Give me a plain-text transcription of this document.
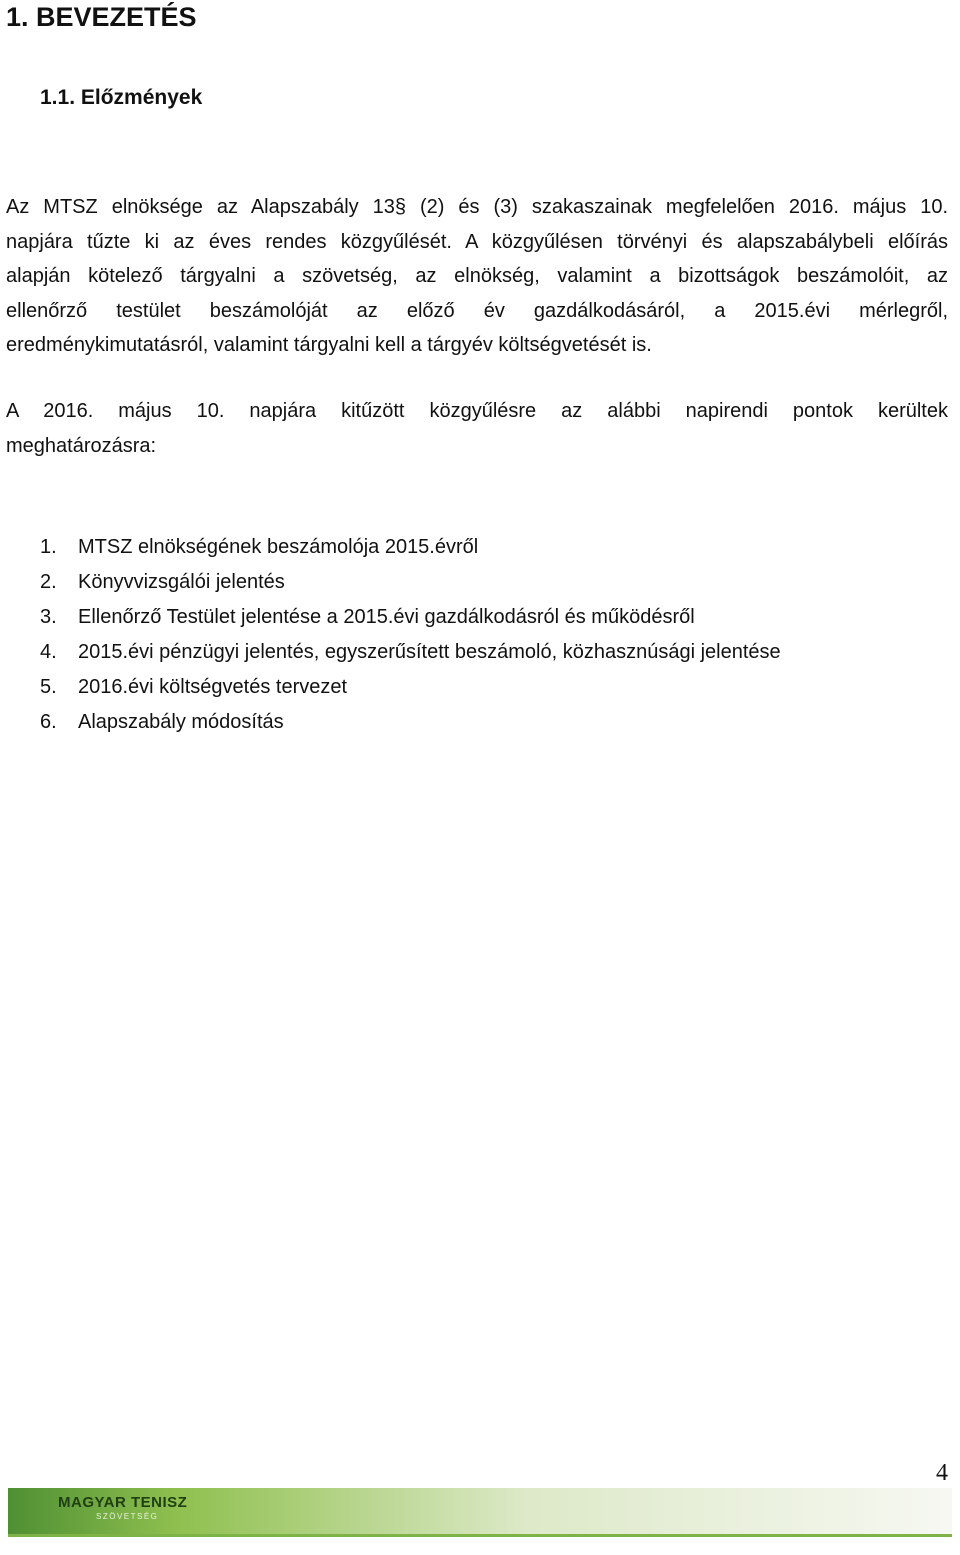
1. BEVEZETÉS
1.1. Előzmények

Az MTSZ elnöksége az Alapszabály 13§ (2) és (3) szakaszainak megfelelően 2016. május 10.
napjára tűzte ki az éves rendes közgyűlését. A közgyűlésen törvényi és alapszabálybeli előírás
alapján kötelező tárgyalni a szövetség, az elnökség, valamint a bizottságok beszámolóit, az
ellenőrző testület beszámolóját az előző év gazdálkodásáról, a 2015.évi mérlegről,
eredménykimutatásról, valamint tárgyalni kell a tárgyév költségvetését is.

A 2016. május 10. napjára kitűzött közgyűlésre az alábbi napirendi pontok kerültek
meghatározásra:

1. MTSZ elnökségének beszámolója 2015.évről
2. Könyvvizsgálói jelentés
3. Ellenőrző Testület jelentése a 2015.évi gazdálkodásról és működésről
4. 2015.évi pénzügyi jelentés, egyszerűsített beszámoló, közhasznúsági jelentése
5. 2016.évi költségvetés tervezet
6. Alapszabály módosítás
4
MAGYAR TENISZ
SZÖVETSÉG
